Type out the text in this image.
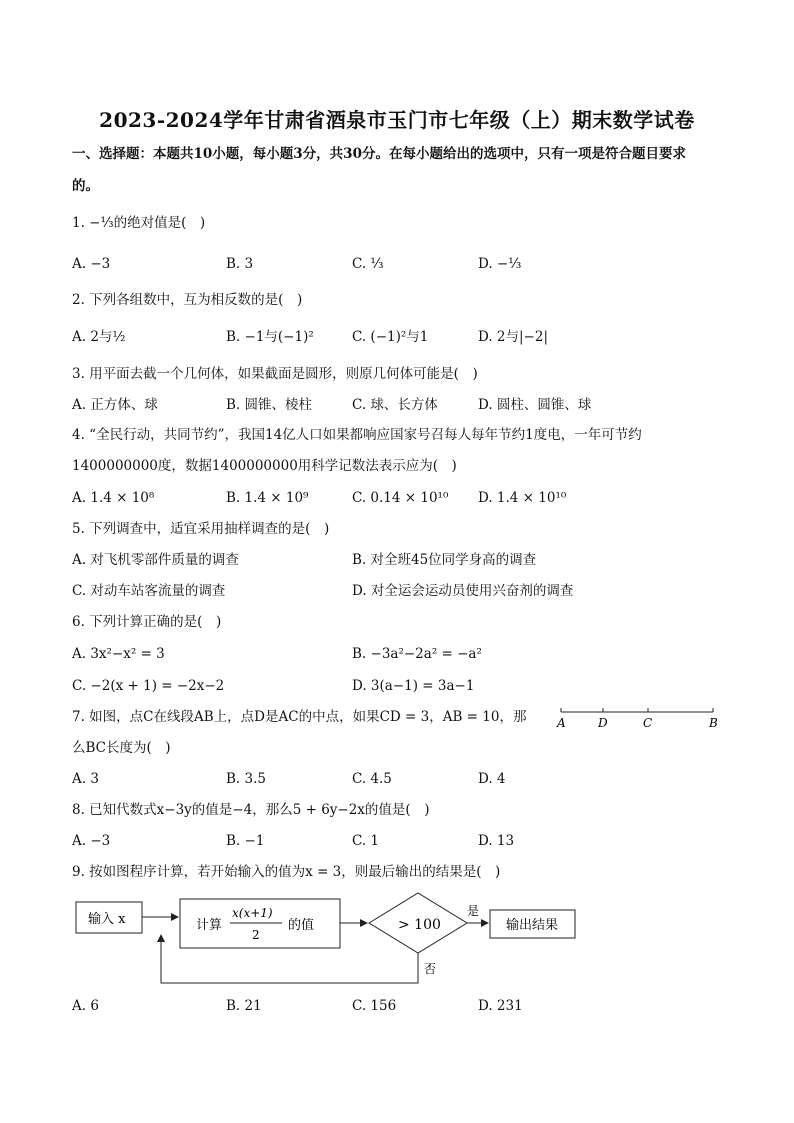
2023-2024学年甘肃省酒泉市玉门市七年级（上）期末数学试卷
一、选择题：本题共10小题，每小题3分，共30分。在每小题给出的选项中，只有一项是符合题目要求
的。
1. −⅓的绝对值是(　)
A. −3	B. 3	C. ⅓	D. −⅓
2. 下列各组数中，互为相反数的是(　)
A. 2与½	B. −1与(−1)²	C. (−1)²与1	D. 2与|−2|
3. 用平面去截一个几何体，如果截面是圆形，则原几何体可能是(　)
A. 正方体、球	B. 圆锥、棱柱	C. 球、长方体	D. 圆柱、圆锥、球
4. “全民行动，共同节约”，我国14亿人口如果都响应国家号召每人每年节约1度电，一年可节约
1400000000度，数据1400000000用科学记数法表示应为(　)
A. 1.4 × 10⁸	B. 1.4 × 10⁹	C. 0.14 × 10¹⁰ D. 1.4 × 10¹⁰
5. 下列调查中，适宜采用抽样调查的是(　)
A. 对飞机零部件质量的调查	B. 对全班45位同学身高的调查
C. 对动车站客流量的调查	D. 对全运会运动员使用兴奋剂的调查
6. 下列计算正确的是(　)
A. 3x²−x² = 3	B. −3a²−2a² = −a²
C. −2(x + 1) = −2x−2	D. 3(a−1) = 3a−1
7. 如图，点C在线段AB上，点D是AC的中点，如果CD = 3，AB = 10，那
么BC长度为(　)
A. 3	B. 3.5	C. 4.5	D. 4
A	D	C	B
8. 已知代数式x−3y的值是−4，那么5 + 6y−2x的值是(　)
A. −3	B. −1	C. 1	D. 13
9. 按如图程序计算，若开始输入的值为x = 3，则最后输出的结果是(　)
输入 x	计算
x(x+1)
2
的值	> 100
是
输出结果
否
A. 6	B. 21	C. 156	D. 231
